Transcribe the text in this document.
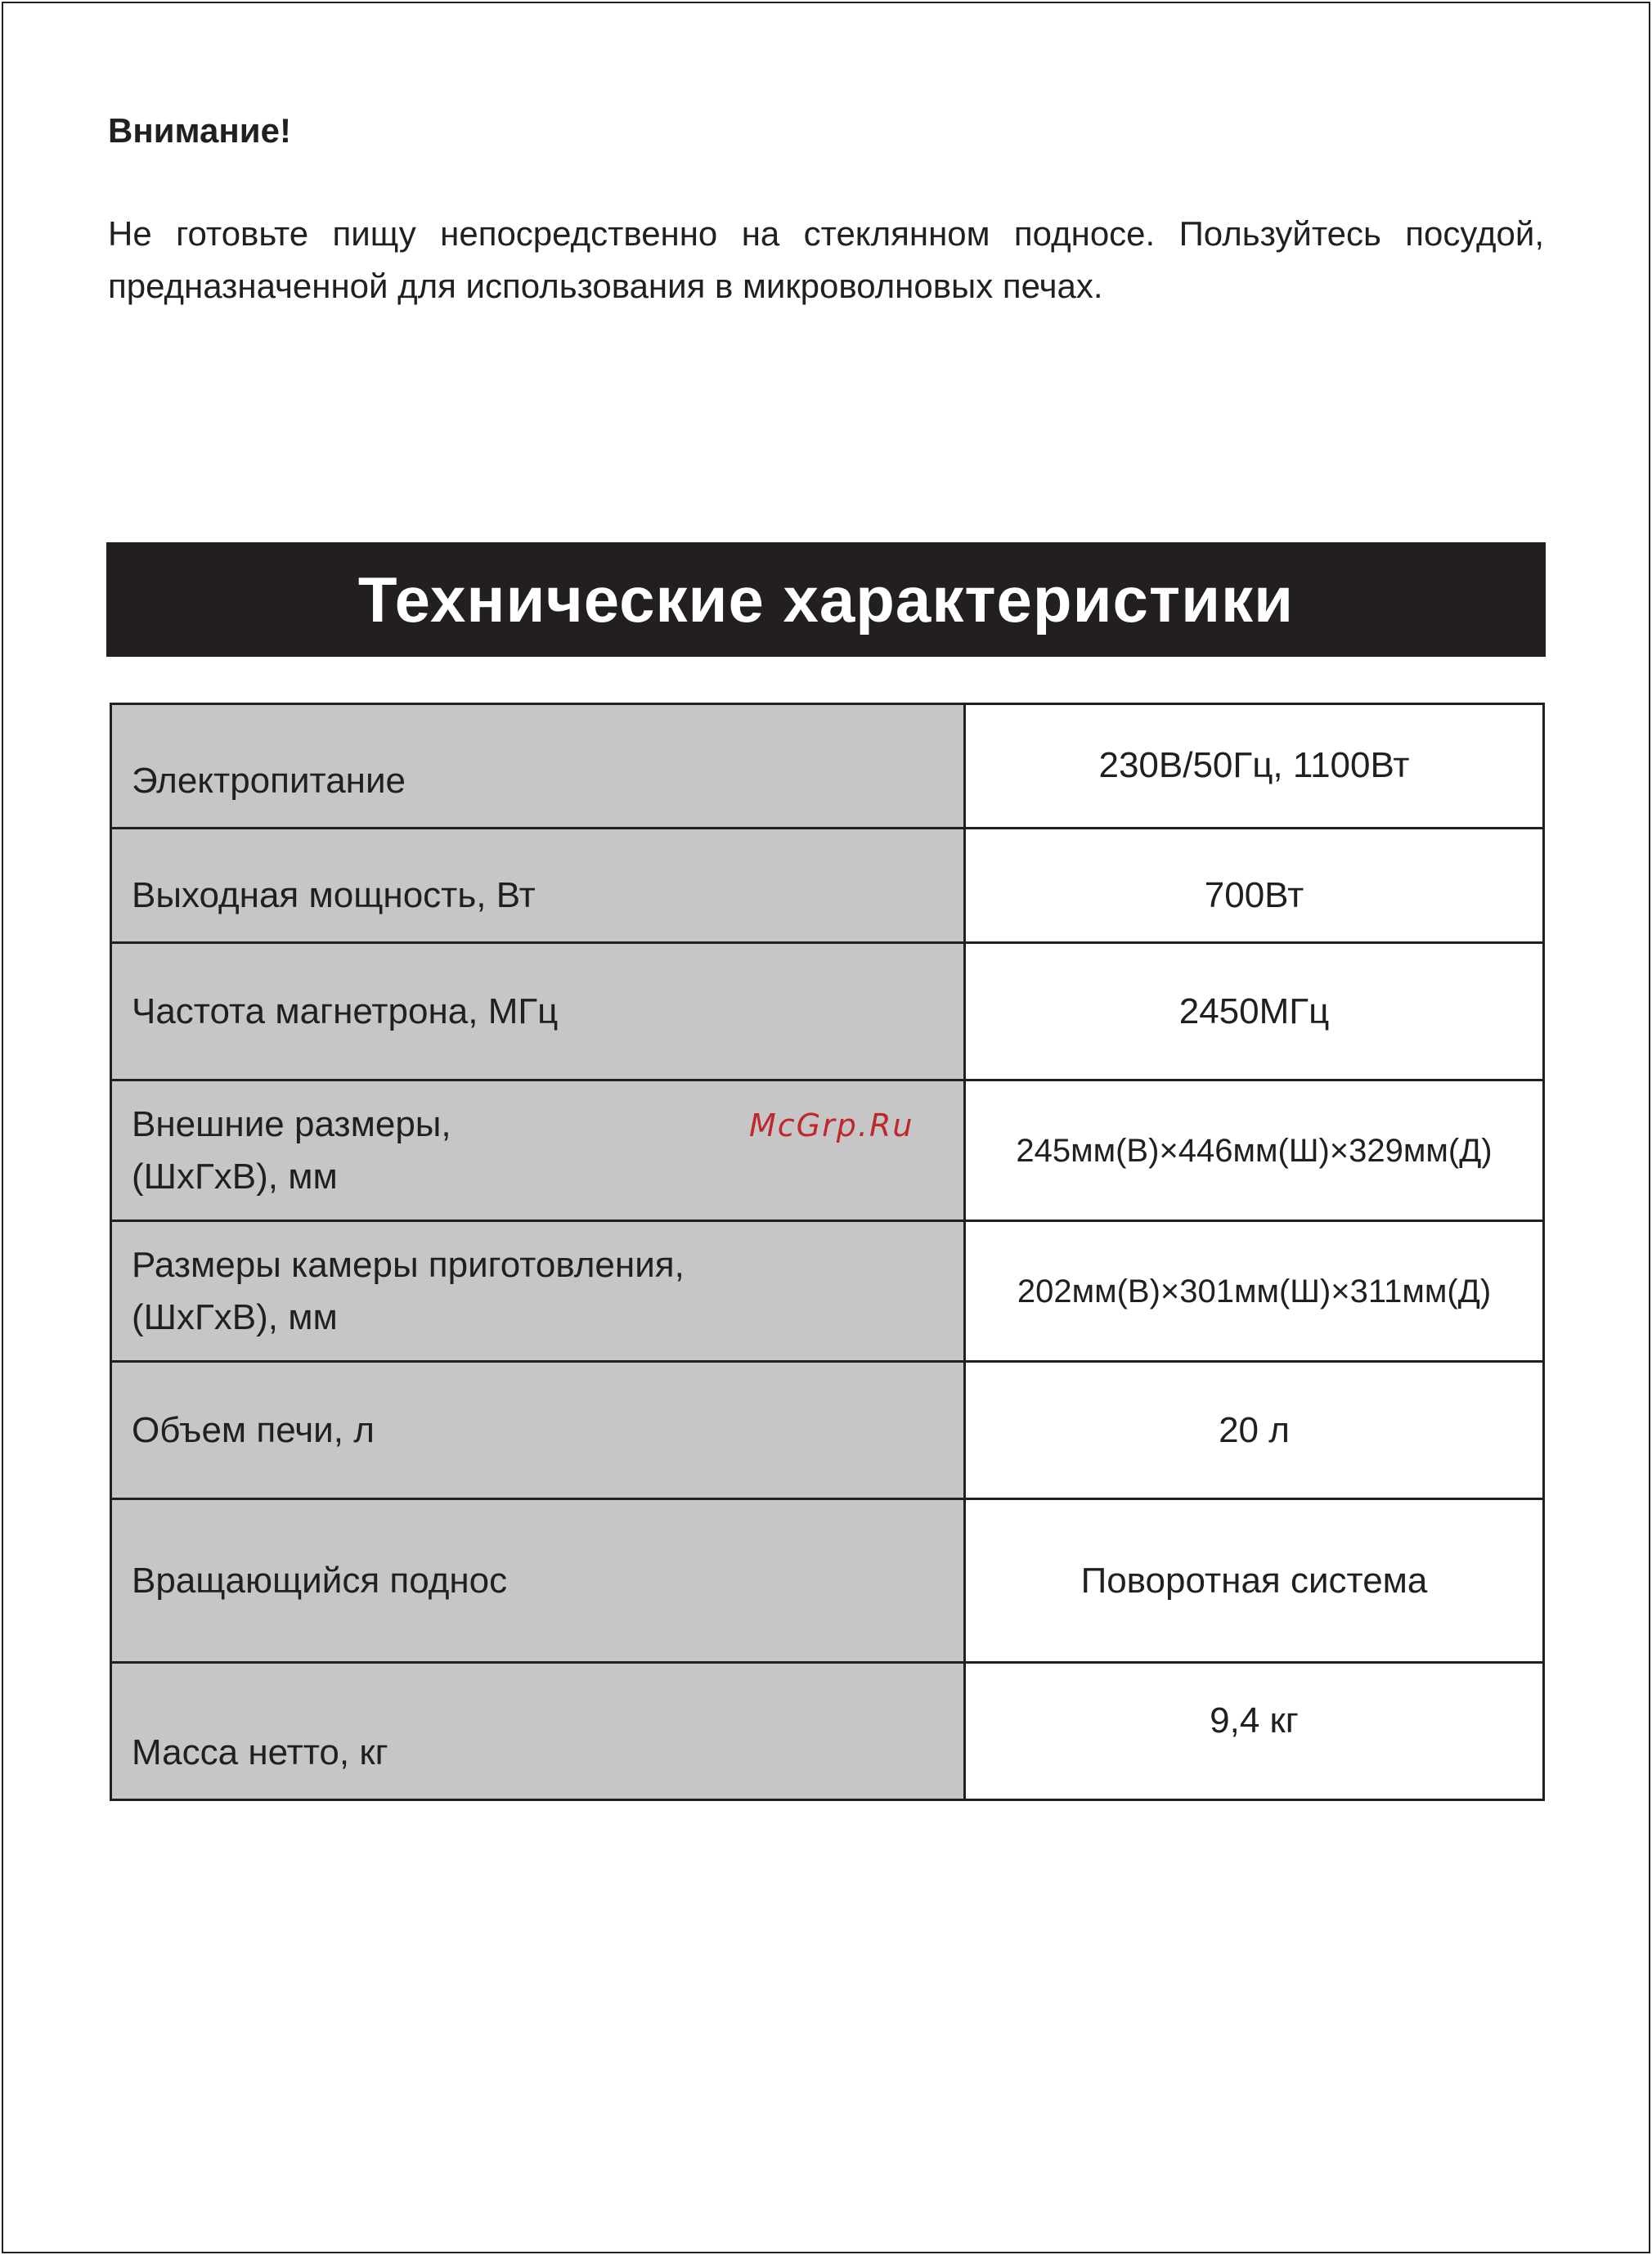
Внимание!
Не готовьте пищу непосредственно на стеклянном подносе. Пользуйтесь посудой, предназначенной для использования в микроволновых печах.
Технические характеристики
Электропитание	230В/50Гц, 1100Вт
Выходная мощность, Вт	700Вт
Частота магнетрона, МГц	2450МГц

Внешние размеры,
(ШхГхВ), мм	245мм(В)×446мм(Ш)×329мм(Д)

Размеры камеры приготовления,
(ШхГхВ), мм	202мм(В)×301мм(Ш)×311мм(Д)
Объем печи, л	20 л
Вращающийся поднос	Поворотная система
Масса нетто, кг	9,4 кг
McGrp.Ru
